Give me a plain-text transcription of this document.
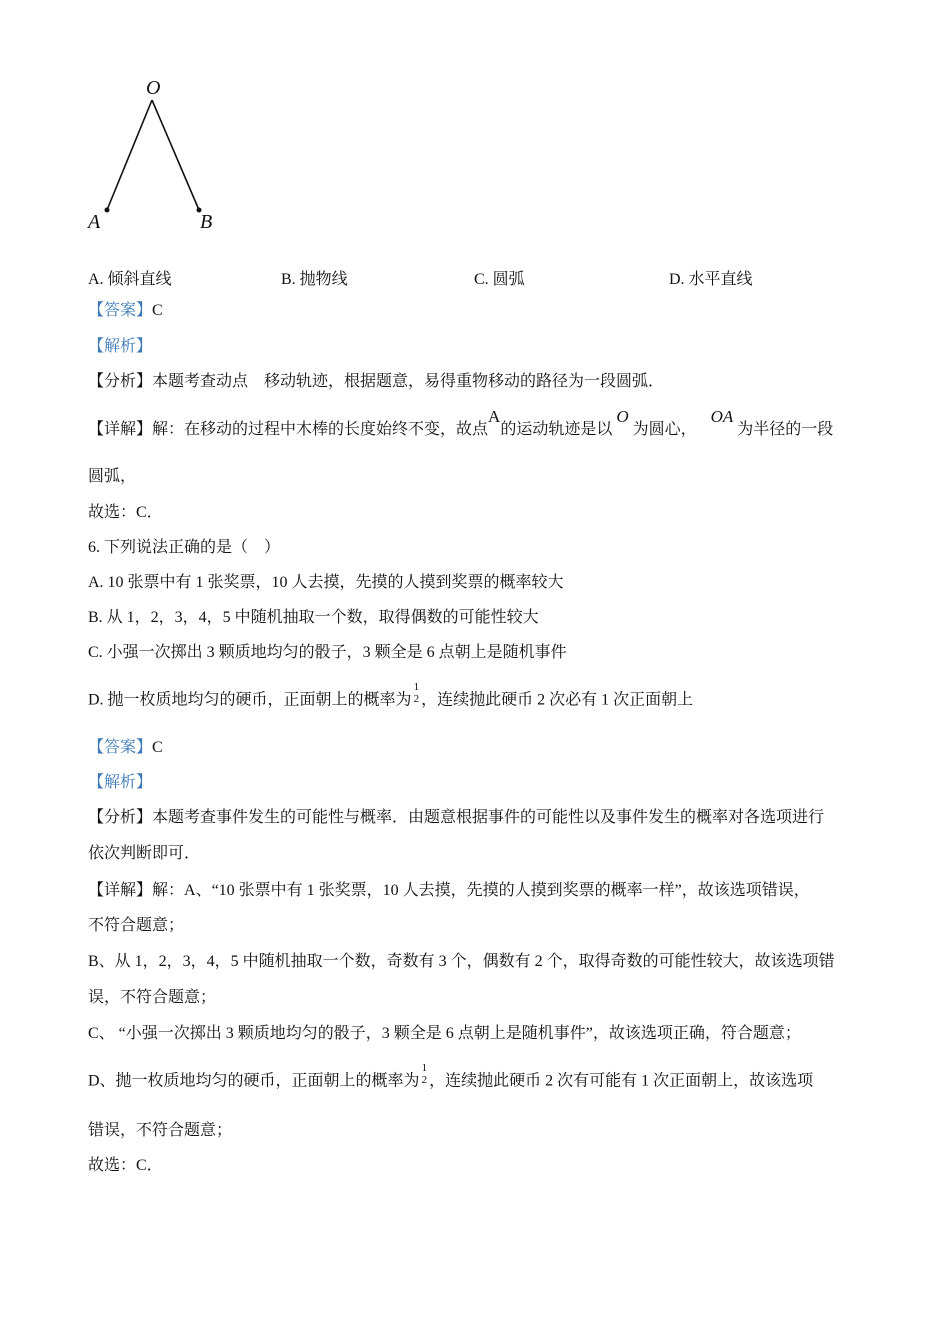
O
A	B
A. 倾斜直线	B. 抛物线	C. 圆弧	D. 水平直线
【答案】C
【解析】
【分析】本题考查动点    移动轨迹，根据题意，易得重物移动的路径为一段圆弧．
【详解】解：在移动的过程中木棒的长度始终不变，故点A的运动轨迹是以O为圆心，OA为半径的一段
圆弧，
故选：C．
6. 下列说法正确的是（　）
A. 10 张票中有 1 张奖票，10 人去摸，先摸的人摸到奖票的概率较大
B. 从 1，2，3，4，5 中随机抽取一个数，取得偶数的可能性较大
C. 小强一次掷出 3 颗质地均匀的骰子，3 颗全是 6 点朝上是随机事件
D. 抛一枚质地均匀的硬币，正面朝上的概率为
1
2 ，连续抛此硬币 2 次必有 1 次正面朝上
【答案】C
【解析】
【分析】本题考查事件发生的可能性与概率．由题意根据事件的可能性以及事件发生的概率对各选项进行
依次判断即可．
【详解】解：A、“10 张票中有 1 张奖票，10 人去摸，先摸的人摸到奖票的概率一样”，故该选项错误，
不符合题意；
B、从 1，2，3，4，5 中随机抽取一个数，奇数有 3 个，偶数有 2 个，取得奇数的可能性较大，故该选项错
误，不符合题意；
C、 “小强一次掷出 3 颗质地均匀的骰子，3 颗全是 6 点朝上是随机事件”，故该选项正确，符合题意；
D、抛一枚质地均匀的硬币，正面朝上的概率为
1
2 ，连续抛此硬币 2 次有可能有 1 次正面朝上，故该选项
错误，不符合题意；
故选：C．
